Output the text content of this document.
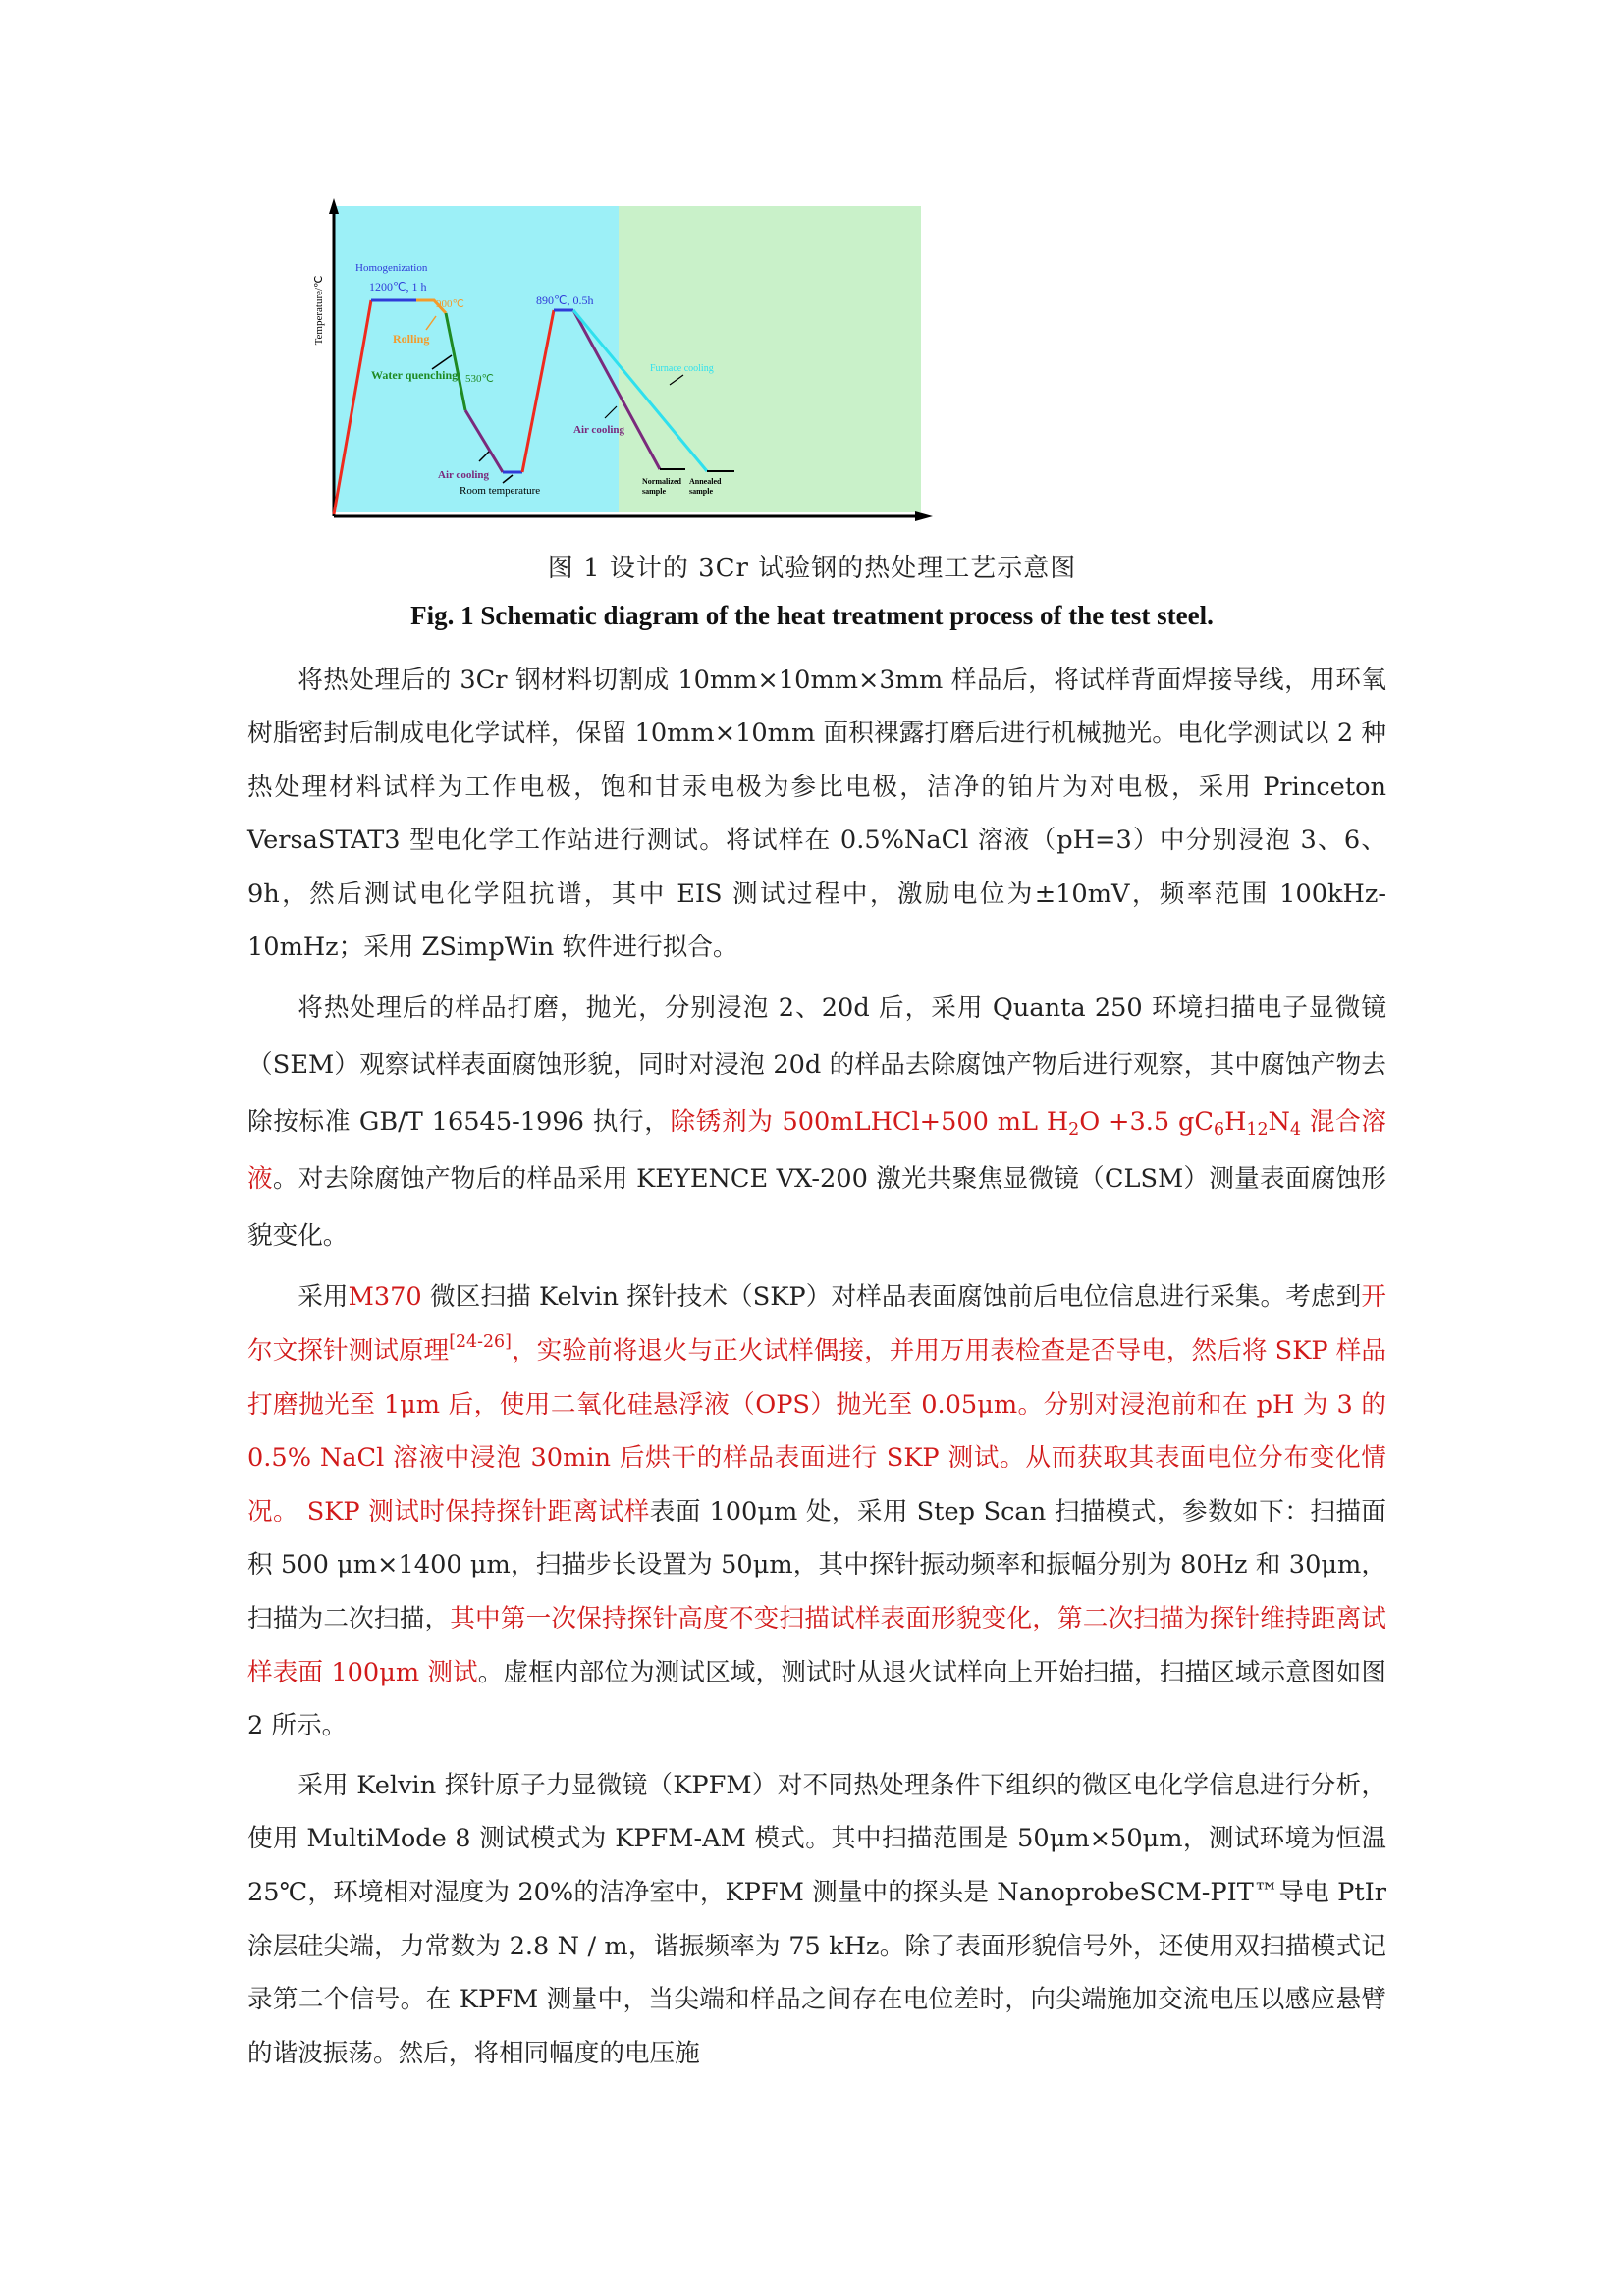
Temperature/℃
Homogenization
1200℃, 1 h
900℃
Rolling
Water quenching 530℃
Air cooling
Room temperature
890℃, 0.5h
Furnace cooling
Air cooling
Normalized
sample
Annealed
sample
图 1 设计的 3Cr 试验钢的热处理工艺示意图
Fig. 1 Schematic diagram of the heat treatment process of the test steel.

将热处理后的 3Cr 钢材料切割成 10mm×10mm×3mm 样品后，将试样背面焊接导线，用环氧树脂密封后制成电化学试样，保留 10mm×10mm 面积裸露打磨后进行机械抛光。电化学测试以 2 种热处理材料试样为工作电极，饱和甘汞电极为参比电极，洁净的铂片为对电极，采用 Princeton VersaSTAT3 型电化学工作站进行测试。将试样在 0.5%NaCl 溶液（pH=3）中分别浸泡 3、6、9h，然后测试电化学阻抗谱，其中 EIS 测试过程中，激励电位为±10mV，频率范围 100kHz-10mHz；采用 ZSimpWin 软件进行拟合。

将热处理后的样品打磨，抛光，分别浸泡 2、20d 后，采用 Quanta 250 环境扫描电子显微镜（SEM）观察试样表面腐蚀形貌，同时对浸泡 20d 的样品去除腐蚀产物后进行观察，其中腐蚀产物去除按标准 GB/T 16545-1996 执行，除锈剂为 500mLHCl+500 mL $H_2O +3.5$ $gC_6H_{12}N_4$ 混合溶液。对去除腐蚀产物后的样品采用 KEYENCE VX-200 激光共聚焦显微镜（CLSM）测量表面腐蚀形貌变化。

采用M370 微区扫描 Kelvin 探针技术（SKP）对样品表面腐蚀前后电位信息进行采集。考虑到开尔文探针测试原理[24-26]，实验前将退火与正火试样偶接，并用万用表检查是否导电，然后将 SKP 样品打磨抛光至 1μm 后，使用二氧化硅悬浮液（OPS）抛光至 0.05μm。分别对浸泡前和在 pH 为 3 的 0.5% NaCl 溶液中浸泡 30min 后烘干的样品表面进行 SKP 测试。从而获取其表面电位分布变化情况。 SKP 测试时保持探针距离试样表面 100μm 处，采用 Step Scan 扫描模式，参数如下：扫描面积 500 μm×1400 μm，扫描步长设置为 50μm，其中探针振动频率和振幅分别为 80Hz 和 30μm，扫描为二次扫描，其中第一次保持探针高度不变扫描试样表面形貌变化，第二次扫描为探针维持距离试样表面 100μm 测试。虚框内部位为测试区域，测试时从退火试样向上开始扫描，扫描区域示意图如图 2 所示。

采用 Kelvin 探针原子力显微镜（KPFM）对不同热处理条件下组织的微区电化学信息进行分析，使用 MultiMode 8 测试模式为 KPFM-AM 模式。其中扫描范围是 50μm×50μm，测试环境为恒温 25℃，环境相对湿度为 20%的洁净室中，KPFM 测量中的探头是 NanoprobeSCM-PIT™导电 PtIr 涂层硅尖端，力常数为 2.8 N / m，谐振频率为 75 kHz。除了表面形貌信号外，还使用双扫描模式记录第二个信号。在 KPFM 测量中，当尖端和样品之间存在电位差时，向尖端施加交流电压以感应悬臂的谐波振荡。然后，将相同幅度的电压施
